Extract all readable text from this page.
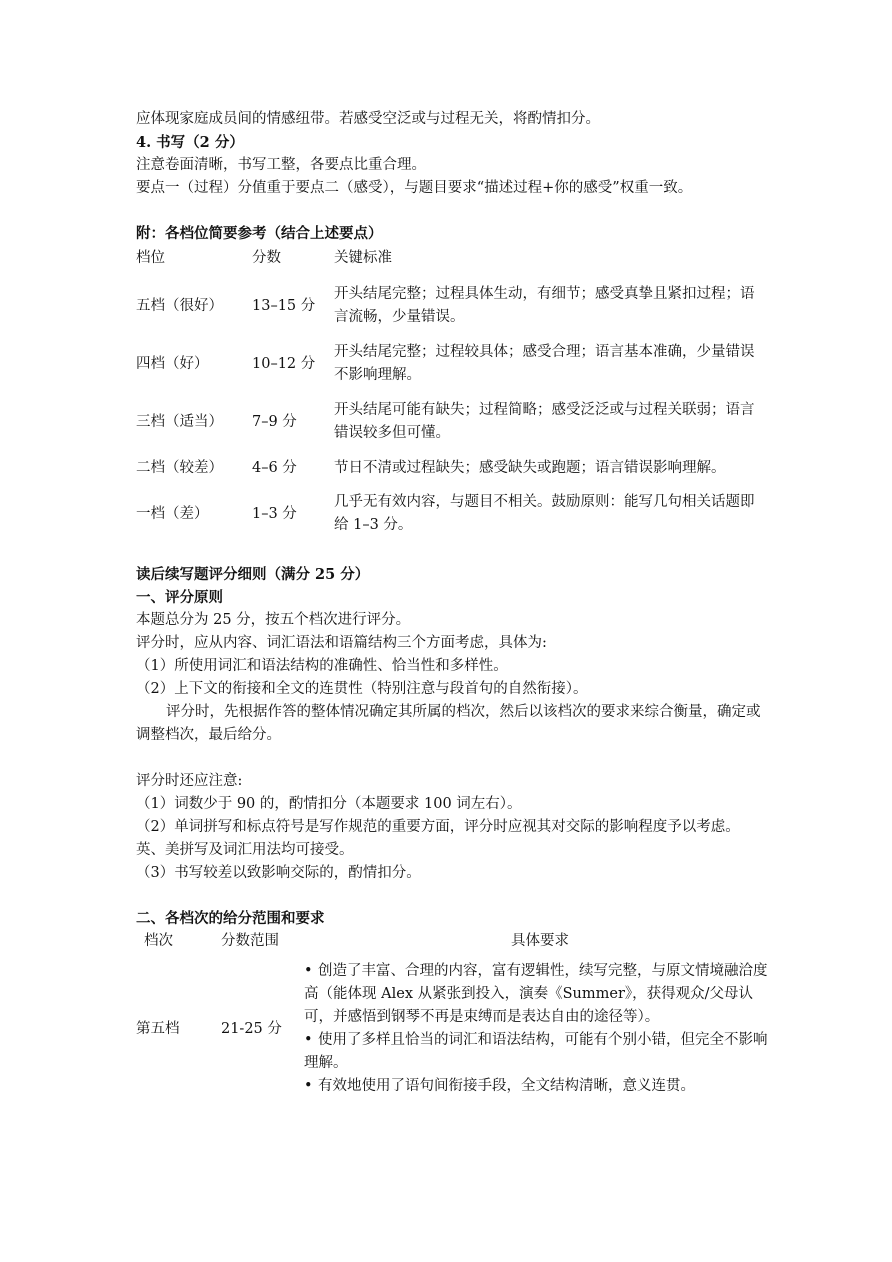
应体现家庭成员间的情感纽带。若感受空泛或与过程无关，将酌情扣分。
4. 书写（2 分）
注意卷面清晰，书写工整，各要点比重合理。
要点一（过程）分值重于要点二（感受），与题目要求“描述过程+你的感受”权重一致。
附：各档位简要参考（结合上述要点）
档位	分数	关键标准
五档（很好）	13–15 分	开头结尾完整；过程具体生动，有细节；感受真挚且紧扣过程；语言流畅，少量错误。
四档（好）	10–12 分	开头结尾完整；过程较具体；感受合理；语言基本准确，少量错误不影响理解。
三档（适当）	7–9 分	开头结尾可能有缺失；过程简略；感受泛泛或与过程关联弱；语言错误较多但可懂。
二档（较差）	4–6 分	节日不清或过程缺失；感受缺失或跑题；语言错误影响理解。
一档（差）	1–3 分	几乎无有效内容，与题目不相关。鼓励原则：能写几句相关话题即给 1–3 分。
读后续写题评分细则（满分 25 分）
一、评分原则
本题总分为 25 分，按五个档次进行评分。
评分时，应从内容、词汇语法和语篇结构三个方面考虑，具体为:
（1）所使用词汇和语法结构的准确性、恰当性和多样性。
（2）上下文的衔接和全文的连贯性（特别注意与段首句的自然衔接）。
评分时，先根据作答的整体情况确定其所属的档次，然后以该档次的要求来综合衡量，确定或调整档次，最后给分。
评分时还应注意:
（1）词数少于 90 的，酌情扣分（本题要求 100 词左右）。
（2）单词拼写和标点符号是写作规范的重要方面，评分时应视其对交际的影响程度予以考虑。英、美拼写及词汇用法均可接受。
（3）书写较差以致影响交际的，酌情扣分。
二、各档次的给分范围和要求
档次	分数范围	具体要求
第五档	21-25 分	• 创造了丰富、合理的内容，富有逻辑性，续写完整，与原文情境融洽度高（能体现 Alex 从紧张到投入，演奏《Summer》，获得观众/父母认可，并感悟到钢琴不再是束缚而是表达自由的途径等）。
• 使用了多样且恰当的词汇和语法结构，可能有个别小错，但完全不影响理解。
• 有效地使用了语句间衔接手段，全文结构清晰，意义连贯。
